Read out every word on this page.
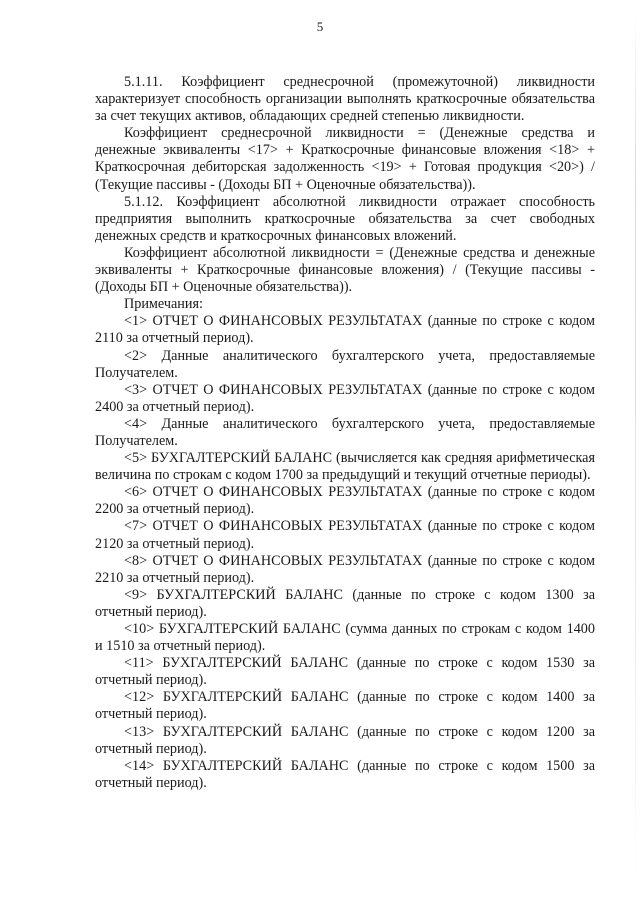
5

5.1.11. Коэффициент среднесрочной (промежуточной) ликвидности характеризует способность организации выполнять краткосрочные обязательства за счет текущих активов, обладающих средней степенью ликвидности.

Коэффициент среднесрочной ликвидности = (Денежные средства и денежные эквиваленты <17> + Краткосрочные финансовые вложения <18> + Краткосрочная дебиторская задолженность <19> + Готовая продукция <20>) / (Текущие пассивы - (Доходы БП + Оценочные обязательства)).

5.1.12. Коэффициент абсолютной ликвидности отражает способность предприятия выполнить краткосрочные обязательства за счет свободных денежных средств и краткосрочных финансовых вложений.

Коэффициент абсолютной ликвидности = (Денежные средства и денежные эквиваленты + Краткосрочные финансовые вложения) / (Текущие пассивы - (Доходы БП + Оценочные обязательства)).

Примечания:

<1> ОТЧЕТ О ФИНАНСОВЫХ РЕЗУЛЬТАТАХ (данные по строке с кодом 2110 за отчетный период).

<2> Данные аналитического бухгалтерского учета, предоставляемые Получателем.

<3> ОТЧЕТ О ФИНАНСОВЫХ РЕЗУЛЬТАТАХ (данные по строке с кодом 2400 за отчетный период).

<4> Данные аналитического бухгалтерского учета, предоставляемые Получателем.

<5> БУХГАЛТЕРСКИЙ БАЛАНС (вычисляется как средняя арифметическая величина по строкам с кодом 1700 за предыдущий и текущий отчетные периоды).

<6> ОТЧЕТ О ФИНАНСОВЫХ РЕЗУЛЬТАТАХ (данные по строке с кодом 2200 за отчетный период).

<7> ОТЧЕТ О ФИНАНСОВЫХ РЕЗУЛЬТАТАХ (данные по строке с кодом 2120 за отчетный период).

<8> ОТЧЕТ О ФИНАНСОВЫХ РЕЗУЛЬТАТАХ (данные по строке с кодом 2210 за отчетный период).

<9> БУХГАЛТЕРСКИЙ БАЛАНС (данные по строке с кодом 1300 за отчетный период).

<10> БУХГАЛТЕРСКИЙ БАЛАНС (сумма данных по строкам с кодом 1400 и 1510 за отчетный период).

<11> БУХГАЛТЕРСКИЙ БАЛАНС (данные по строке с кодом 1530 за отчетный период).

<12> БУХГАЛТЕРСКИЙ БАЛАНС (данные по строке с кодом 1400 за отчетный период).

<13> БУХГАЛТЕРСКИЙ БАЛАНС (данные по строке с кодом 1200 за отчетный период).

<14> БУХГАЛТЕРСКИЙ БАЛАНС (данные по строке с кодом 1500 за отчетный период).
